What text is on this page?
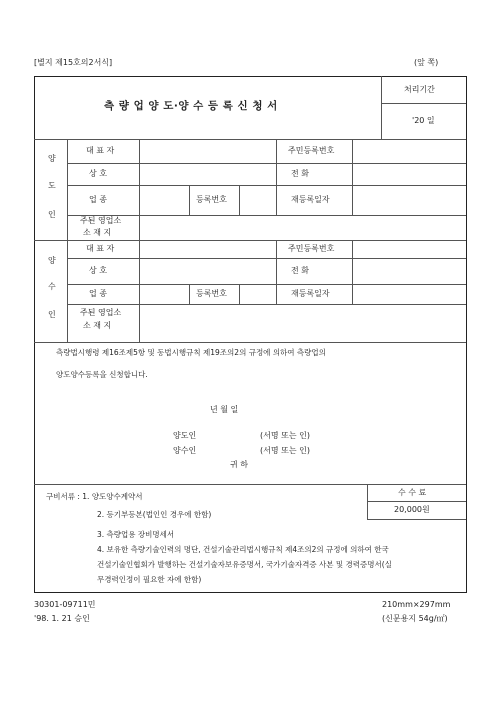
[별지 제15호의2서식]	(앞 쪽)
측 량 업 양 도·양 수 등 록 신 청 서
처리기간
'20 일
양
도
인
대 표 자	주민등록번호
상 호	전 화
업 종	등록번호	재등록일자
주된 영업소
소 재 지
양
수
인
대 표 자	주민등록번호
상 호	전 화
업 종	등록번호	재등록일자
주된 영업소
소 재 지
측량법시행령 제16조제5항 및 동법시행규칙 제19조의2의 규정에 의하여 측량업의
양도양수등록을 신청합니다.
년 월 일
양도인	(서명 또는 인)
양수인	(서명 또는 인)
귀 하
구비서류 : 1. 양도양수계약서
2. 등기부등본(법인인 경우에 한함)
3. 측량업용 장비명세서
4. 보유한 측량기술인력의 명단, 건설기술관리법시행규칙 제4조의2의 규정에 의하여 한국
건설기술인협회가 발행하는 건설기술자보유증명서, 국가기술자격증 사본 및 경력증명서(실
무경력인정이 필요한 자에 한함)
수 수 료
20,000원
30301-09711민
'98. 1. 21 승인
210mm×297mm
(신문용지 54g/㎡)
